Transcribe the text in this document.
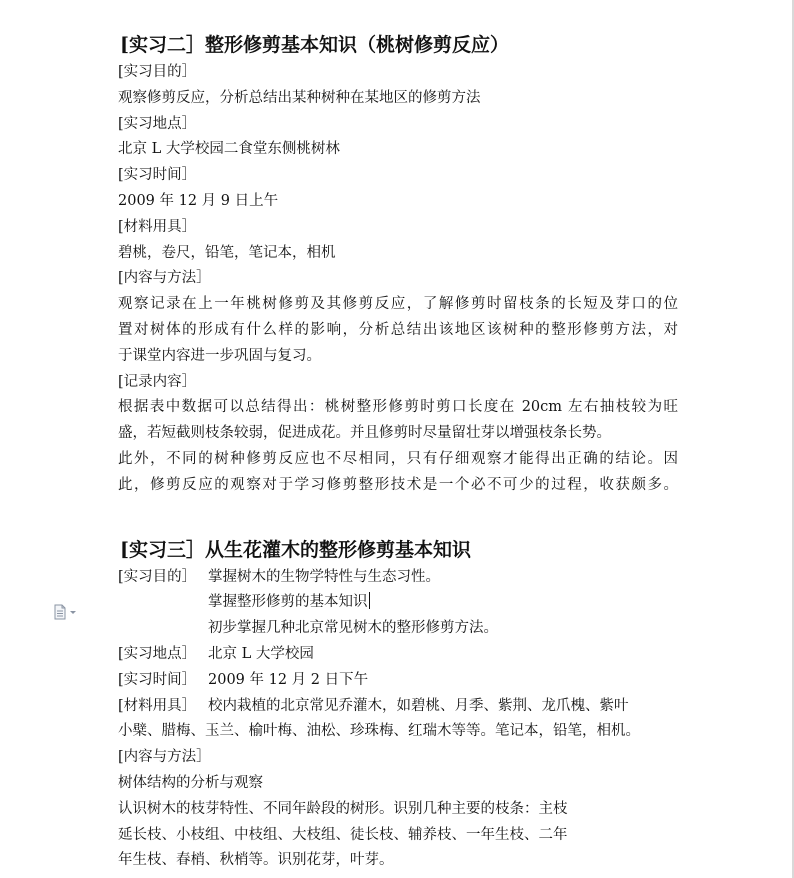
[实习二］整形修剪基本知识（桃树修剪反应）
[实习目的］
观察修剪反应，分析总结出某种树种在某地区的修剪方法
[实习地点］
北京 L 大学校园二食堂东侧桃树林
[实习时间］
2009 年 12 月 9 日上午
[材料用具］
碧桃，卷尺，铅笔，笔记本，相机
[内容与方法］
观察记录在上一年桃树修剪及其修剪反应，了解修剪时留枝条的长短及芽口的位
置对树体的形成有什么样的影响，分析总结出该地区该树种的整形修剪方法，对
于课堂内容进一步巩固与复习。
[记录内容］
根据表中数据可以总结得出：桃树整形修剪时剪口长度在 20cm 左右抽枝较为旺
盛，若短截则枝条较弱，促进成花。并且修剪时尽量留壮芽以增强枝条长势。
此外，不同的树种修剪反应也不尽相同，只有仔细观察才能得出正确的结论。因
此，修剪反应的观察对于学习修剪整形技术是一个必不可少的过程，收获颇多。
[实习三］从生花灌木的整形修剪基本知识
[实习目的］ 掌握树木的生物学特性与生态习性。
掌握整形修剪的基本知识
初步掌握几种北京常见树木的整形修剪方法。
[实习地点］ 北京 L 大学校园
[实习时间］ 2009 年 12 月 2 日下午
[材料用具］ 校内栽植的北京常见乔灌木，如碧桃、月季、紫荆、龙爪槐、紫叶
小檗、腊梅、玉兰、榆叶梅、油松、珍珠梅、红瑞木等等。笔记本，铅笔，相机。
[内容与方法］
树体结构的分析与观察
认识树木的枝芽特性、不同年龄段的树形。识别几种主要的枝条：主枝
延长枝、小枝组、中枝组、大枝组、徒长枝、辅养枝、一年生枝、二年
年生枝、春梢、秋梢等。识别花芽，叶芽。
